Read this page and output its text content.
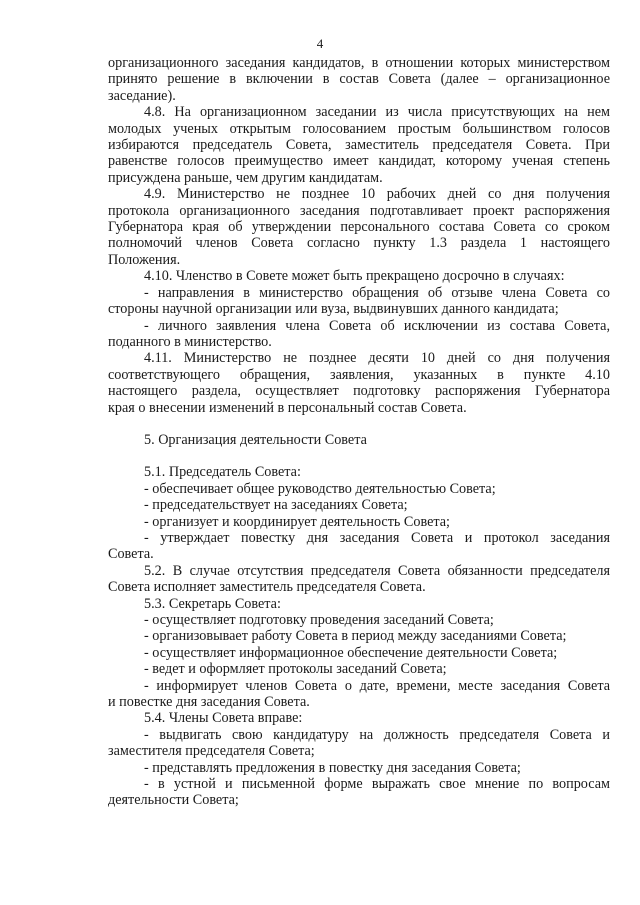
4
организационного заседания кандидатов, в отношении которых министерством
принято решение в включении в состав Совета (далее – организационное
заседание).
4.8. На организационном заседании из числа присутствующих на нем
молодых ученых открытым голосованием простым большинством голосов
избираются председатель Совета, заместитель председателя Совета. При
равенстве голосов преимущество имеет кандидат, которому ученая степень
присуждена раньше, чем другим кандидатам.
4.9. Министерство не позднее 10 рабочих дней со дня получения
протокола организационного заседания подготавливает проект распоряжения
Губернатора края об утверждении персонального состава Совета со сроком
полномочий членов Совета согласно пункту 1.3 раздела 1 настоящего
Положения.
4.10. Членство в Совете может быть прекращено досрочно в случаях:
- направления в министерство обращения об отзыве члена Совета со
стороны научной организации или вуза, выдвинувших данного кандидата;
- личного заявления члена Совета об исключении из состава Совета,
поданного в министерство.
4.11. Министерство не позднее десяти 10 дней со дня получения
соответствующего обращения, заявления, указанных в пункте 4.10
настоящего раздела, осуществляет подготовку распоряжения Губернатора
края о внесении изменений в персональный состав Совета.
5. Организация деятельности Совета
5.1. Председатель Совета:
- обеспечивает общее руководство деятельностью Совета;
- председательствует на заседаниях Совета;
- организует и координирует деятельность Совета;
- утверждает повестку дня заседания Совета и протокол заседания
Совета.
5.2. В случае отсутствия председателя Совета обязанности председателя
Совета исполняет заместитель председателя Совета.
5.3. Секретарь Совета:
- осуществляет подготовку проведения заседаний Совета;
- организовывает работу Совета в период между заседаниями Совета;
- осуществляет информационное обеспечение деятельности Совета;
- ведет и оформляет протоколы заседаний Совета;
- информирует членов Совета о дате, времени, месте заседания Совета
и повестке дня заседания Совета.
5.4. Члены Совета вправе:
- выдвигать свою кандидатуру на должность председателя Совета и
заместителя председателя Совета;
- представлять предложения в повестку дня заседания Совета;
- в устной и письменной форме выражать свое мнение по вопросам
деятельности Совета;
